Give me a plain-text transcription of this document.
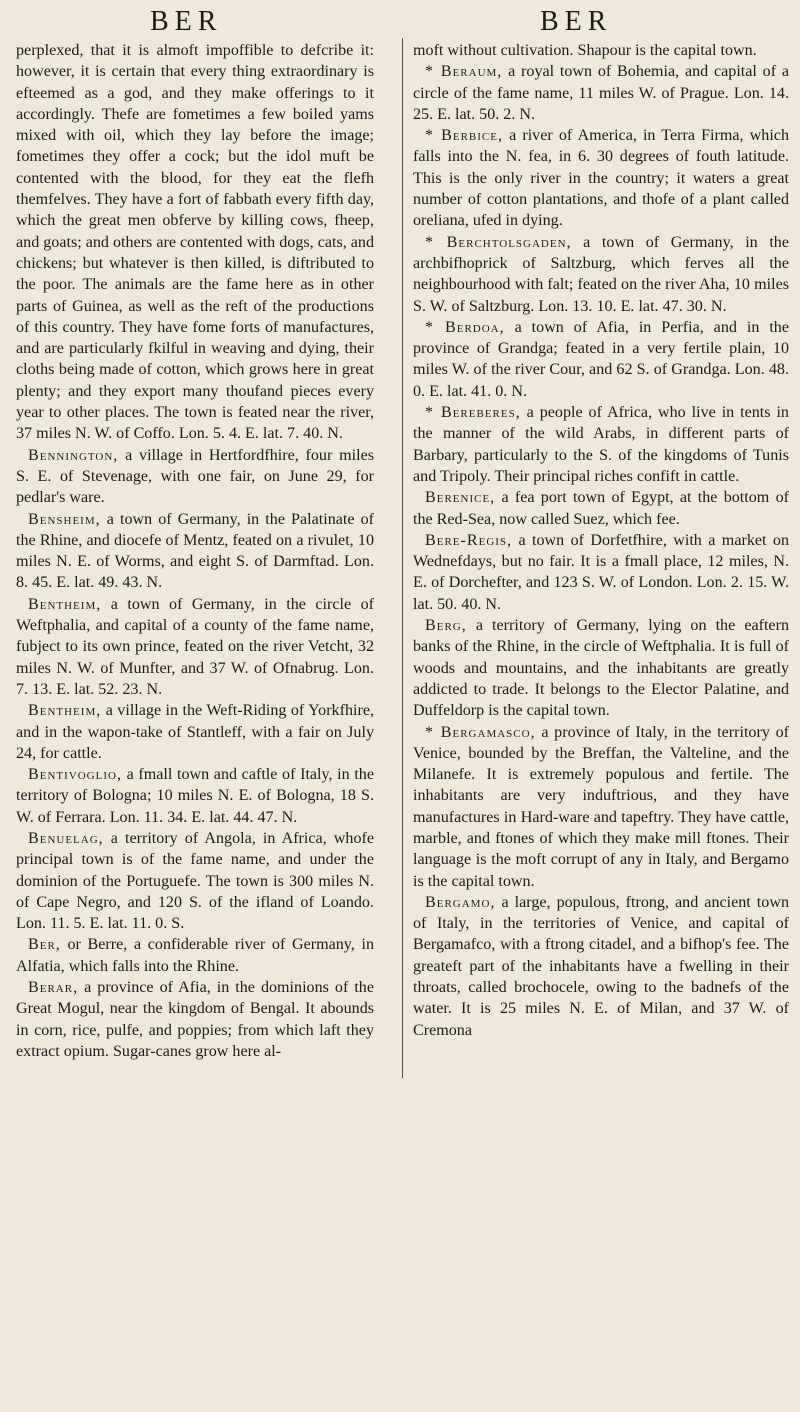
BER	BER

perplexed, that it is almoft impoffible to defcribe it: however, it is certain that every thing extraordinary is efteemed as a god, and they make offerings to it accordingly. Thefe are fometimes a few boiled yams mixed with oil, which they lay before the image; fometimes they offer a cock; but the idol muft be contented with the blood, for they eat the flefh themfelves. They have a fort of fabbath every fifth day, which the great men obferve by killing cows, fheep, and goats; and others are contented with dogs, cats, and chickens; but whatever is then killed, is diftributed to the poor. The animals are the fame here as in other parts of Guinea, as well as the reft of the productions of this country. They have fome forts of manufactures, and are particularly fkilful in weaving and dying, their cloths being made of cotton, which grows here in great plenty; and they export many thoufand pieces every year to other places. The town is feated near the river, 37 miles N. W. of Coffo. Lon. 5. 4. E. lat. 7. 40. N.

Bennington, a village in Hertfordfhire, four miles S. E. of Stevenage, with one fair, on June 29, for pedlar's ware.

Bensheim, a town of Germany, in the Palatinate of the Rhine, and diocefe of Mentz, feated on a rivulet, 10 miles N. E. of Worms, and eight S. of Darmftad. Lon. 8. 45. E. lat. 49. 43. N.

Bentheim, a town of Germany, in the circle of Weftphalia, and capital of a county of the fame name, fubject to its own prince, feated on the river Vetcht, 32 miles N. W. of Munfter, and 37 W. of Ofnabrug. Lon. 7. 13. E. lat. 52. 23. N.

Bentheim, a village in the Weft-Riding of Yorkfhire, and in the wapon-take of Stantleff, with a fair on July 24, for cattle.

Bentivoglio, a fmall town and caftle of Italy, in the territory of Bologna; 10 miles N. E. of Bologna, 18 S. W. of Ferrara. Lon. 11. 34. E. lat. 44. 47. N.

Benuelag, a territory of Angola, in Africa, whofe principal town is of the fame name, and under the dominion of the Portuguefe. The town is 300 miles N. of Cape Negro, and 120 S. of the ifland of Loando. Lon. 11. 5. E. lat. 11. 0. S.

Ber, or Berre, a confiderable river of Germany, in Alfatia, which falls into the Rhine.

Berar, a province of Afia, in the dominions of the Great Mogul, near the kingdom of Bengal. It abounds in corn, rice, pulfe, and poppies; from which laft they extract opium. Sugar-canes grow here al-

moft without cultivation. Shapour is the capital town.

* Beraum, a royal town of Bohemia, and capital of a circle of the fame name, 11 miles W. of Prague. Lon. 14. 25. E. lat. 50. 2. N.

* Berbice, a river of America, in Terra Firma, which falls into the N. fea, in 6. 30 degrees of fouth latitude. This is the only river in the country; it waters a great number of cotton plantations, and thofe of a plant called oreliana, ufed in dying.

* Berchtolsgaden, a town of Germany, in the archbifhoprick of Saltzburg, which ferves all the neighbourhood with falt; feated on the river Aha, 10 miles S. W. of Saltzburg. Lon. 13. 10. E. lat. 47. 30. N.

* Berdoa, a town of Afia, in Perfia, and in the province of Grandga; feated in a very fertile plain, 10 miles W. of the river Cour, and 62 S. of Grandga. Lon. 48. 0. E. lat. 41. 0. N.

* Bereberes, a people of Africa, who live in tents in the manner of the wild Arabs, in different parts of Barbary, particularly to the S. of the kingdoms of Tunis and Tripoly. Their principal riches confift in cattle.

Berenice, a fea port town of Egypt, at the bottom of the Red-Sea, now called Suez, which fee.

Bere-Regis, a town of Dorfetfhire, with a market on Wednefdays, but no fair. It is a fmall place, 12 miles, N. E. of Dorchefter, and 123 S. W. of London. Lon. 2. 15. W. lat. 50. 40. N.

Berg, a territory of Germany, lying on the eaftern banks of the Rhine, in the circle of Weftphalia. It is full of woods and mountains, and the inhabitants are greatly addicted to trade. It belongs to the Elector Palatine, and Duffeldorp is the capital town.

* Bergamasco, a province of Italy, in the territory of Venice, bounded by the Breffan, the Valteline, and the Milanefe. It is extremely populous and fertile. The inhabitants are very induftrious, and they have manufactures in Hard-ware and tapeftry. They have cattle, marble, and ftones of which they make mill ftones. Their language is the moft corrupt of any in Italy, and Bergamo is the capital town.

Bergamo, a large, populous, ftrong, and ancient town of Italy, in the territories of Venice, and capital of Bergamafco, with a ftrong citadel, and a bifhop's fee. The greateft part of the inhabitants have a fwelling in their throats, called brochocele, owing to the badnefs of the water. It is 25 miles N. E. of Milan, and 37 W. of Cremona
